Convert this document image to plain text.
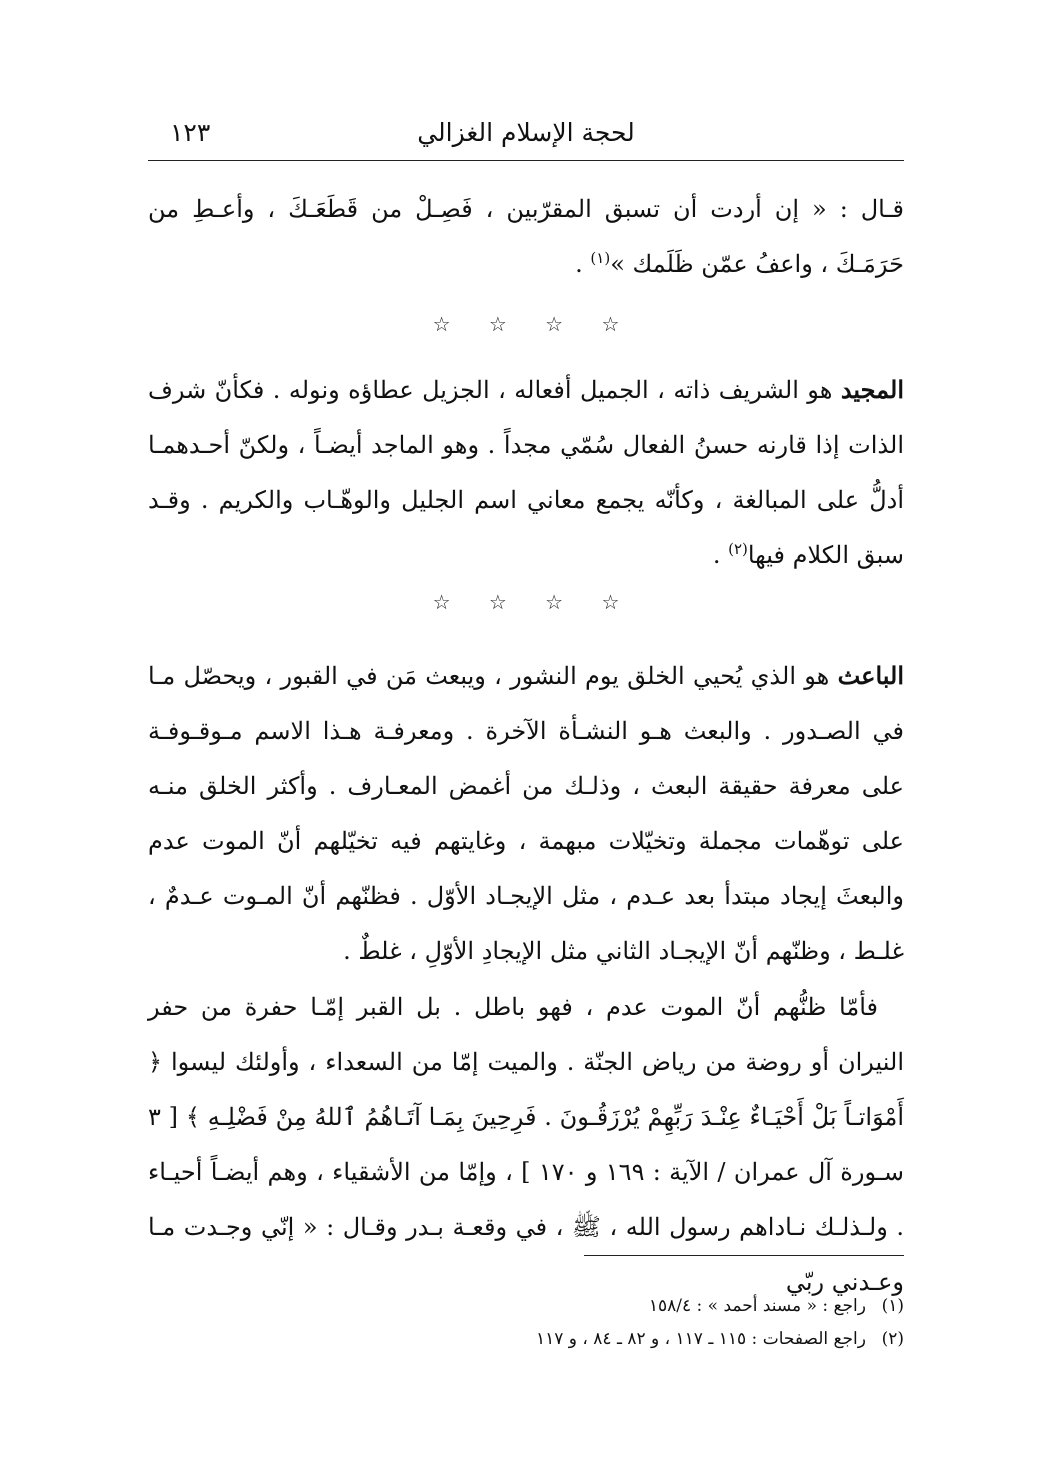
لحجة الإسلام الغزالي
١٢٣
قـال : « إن أردت أن تسبق المقرّبين ، فَصِـلْ من قَطَعَـكَ ، وأعـطِ من حَرَمَـكَ ، واعفُ عمّن ظَلَمك »$^{(١)}$ .
☆ ☆ ☆ ☆
المجيد هو الشريف ذاته ، الجميل أفعاله ، الجزيل عطاؤه ونوله . فكأنّ شرف الذات إذا قارنه حسنُ الفعال سُمّي مجداً . وهو الماجد أيضـاً ، ولكنّ أحـدهمـا أدلُّ على المبالغة ، وكأنّه يجمع معاني اسم الجليل والوهّـاب والكريم . وقـد سبق الكلام فيها$^{(٢)}$ .
☆ ☆ ☆ ☆
الباعث هو الذي يُحيي الخلق يوم النشور ، ويبعث مَن في القبور ، ويحصّل مـا في الصـدور . والبعث هـو النشـأة الآخرة . ومعرفـة هـذا الاسم مـوقـوفـة على معرفة حقيقة البعث ، وذلـك من أغمض المعـارف . وأكثر الخلق منـه على توهّمات مجملة وتخيّلات مبهمة ، وغايتهم فيه تخيّلهم أنّ الموت عدم والبعثَ إيجاد مبتدأ بعد عـدم ، مثل الإيجـاد الأوّل . فظنّهم أنّ المـوت عـدمٌ ، غلـط ، وظنّهم أنّ الإيجـاد الثاني مثل الإيجادِ الأوّلِ ، غلطٌ .
فأمّا ظنُّهم أنّ الموت عدم ، فهو باطل . بل القبر إمّـا حفرة من حفر النيران أو روضة من رياض الجنّة . والميت إمّا من السعداء ، وأولئك ليسوا ﴿ أَمْوَاتـاً بَلْ أَحْيَـاءٌ عِنْـدَ رَبِّهِمْ يُرْزَقُـونَ . فَرِحِينَ بِمَـا آتَـاهُمُ ٱللهُ مِنْ فَضْلِـهِ ﴾ [ ٣ سـورة آل عمران / الآية : ١٦٩ و ١٧٠ ] ، وإمّا من الأشقياء ، وهم أيضـاً أحيـاء . ولـذلـك نـاداهم رسول الله ، ﷺ ، في وقعـة بـدر وقـال : « إنّي وجـدت مـا وعـدني ربّي
(١)راجع : « مسند أحمد » : ١٥٨/٤
(٢)راجع الصفحات : ١١٥ ـ ١١٧ ، و ٨٢ ـ ٨٤ ، و ١١٧
